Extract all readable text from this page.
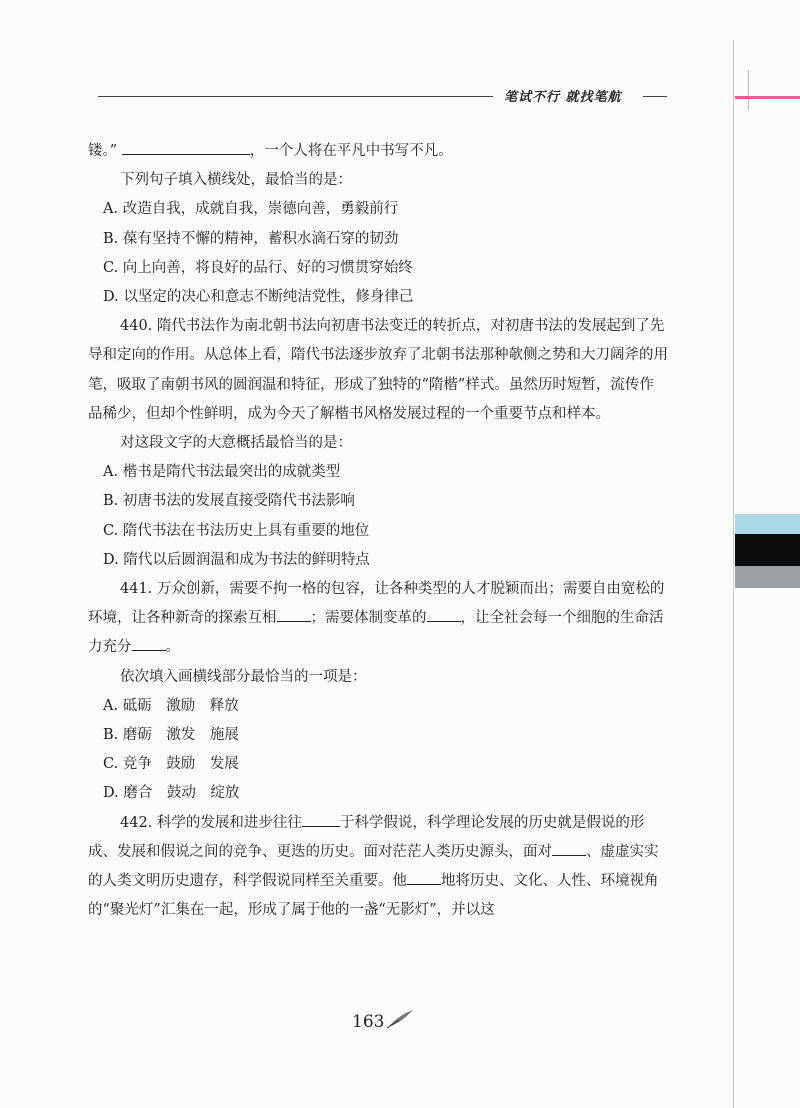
笔试不行 就找笔航

镂。”	，一个人将在平凡中书写不凡。

下列句子填入横线处，最恰当的是：

A. 改造自我，成就自我，崇德向善，勇毅前行

B. 葆有坚持不懈的精神，蓄积水滴石穿的韧劲

C. 向上向善，将良好的品行、好的习惯贯穿始终

D. 以坚定的决心和意志不断纯洁党性，修身律己

440. 隋代书法作为南北朝书法向初唐书法变迁的转折点，对初唐书法的发展起到了先导和定向的作用。从总体上看，隋代书法逐步放弃了北朝书法那种欹侧之势和大刀阔斧的用笔，吸取了南朝书风的圆润温和特征，形成了独特的“隋楷”样式。虽然历时短暂，流传作品稀少，但却个性鲜明，成为今天了解楷书风格发展过程的一个重要节点和样本。

对这段文字的大意概括最恰当的是：

A. 楷书是隋代书法最突出的成就类型

B. 初唐书法的发展直接受隋代书法影响

C. 隋代书法在书法历史上具有重要的地位

D. 隋代以后圆润温和成为书法的鲜明特点

441. 万众创新，需要不拘一格的包容，让各种类型的人才脱颖而出；需要自由宽松的环境，让各种新奇的探索互相 ；需要体制变革的 ，让全社会每一个细胞的生命活力充分 。

依次填入画横线部分最恰当的一项是：

A. 砥砺　激励　释放

B. 磨砺　激发　施展

C. 竞争　鼓励　发展

D. 磨合　鼓动　绽放

442. 科学的发展和进步往往	于科学假说，科学理论发展的历史就是假说的形成、发展和假说之间的竞争、更迭的历史。面对茫茫人类历史源头，面对 、虚虚实实的人类文明历史遗存，科学假说同样至关重要。他 地将历史、文化、人性、环境视角的“聚光灯”汇集在一起，形成了属于他的一盏“无影灯”，并以这

163
